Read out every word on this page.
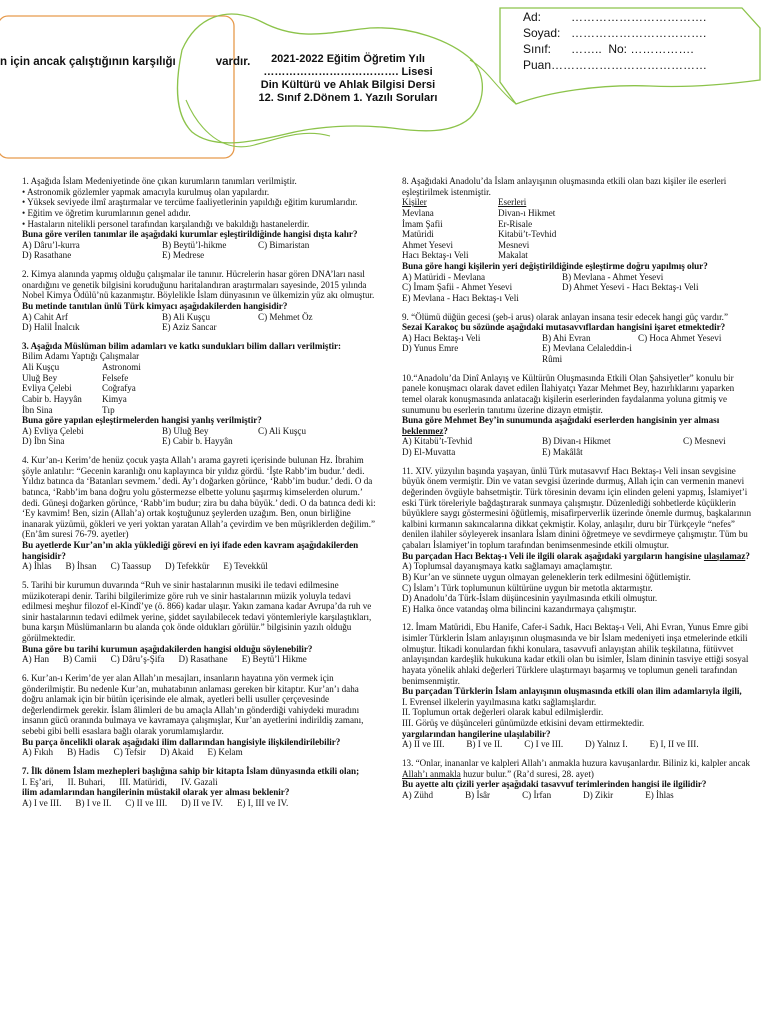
n için ancak çalıştığının karşılığı	vardır.	2021-2022 Eğitim Öğretim Yılı
………………………………. Lisesi
Din Kültürü ve Ahlak Bilgisi Dersi
12. Sınıf 2.Dönem 1. Yazılı Soruları
Ad: …………………………….
Soyad: …………………………….
Sınıf: …….. No: …………….
Puan…………………………………

1. Aşağıda İslam Medeniyetinde öne çıkan kurumların tanımları verilmiştir.

• Astronomik gözlemler yapmak amacıyla kurulmuş olan yapılardır.

• Yüksek seviyede ilmî araştırmalar ve tercüme faaliyetlerinin yapıldığı eğitim kurumlarıdır.

• Eğitim ve öğretim kurumlarının genel adıdır.

• Hastaların nitelikli personel tarafından karşılandığı ve bakıldığı hastanelerdir.

Buna göre verilen tanımlar ile aşağıdaki kurumlar eşleştirildiğinde hangisi dışta kalır?

A) Dâru’l-kurra	B) Beytü’l-hikme	C) Bimaristan
D) Rasathane	E) Medrese

2. Kimya alanında yapmış olduğu çalışmalar ile tanınır. Hücrelerin hasar gören DNA’ları nasıl onardığını ve genetik bilgisini koruduğunu haritalandıran araştırmaları sayesinde, 2015 yılında Nobel Kimya Ödülü’nü kazanmıştır. Böylelikle İslam dünyasının ve ülkemizin yüz akı olmuştur. Bu metinde tanıtılan ünlü Türk kimyacı aşağıdakilerden hangisidir?

A) Cahit Arf	B) Ali Kuşçu	C) Mehmet Öz
D) Halil İnalcık	E) Aziz Sancar

3. Aşağıda Müslüman bilim adamları ve katkı sundukları bilim dalları verilmiştir:

Bilim Adamı Yaptığı Çalışmalar

Ali Kuşçu	Astronomi
Uluğ Bey	Felsefe
Evliya Çelebi	Coğrafya
Cabir b. Hayyân	Kimya
İbn Sina	Tıp

Buna göre yapılan eşleştirmelerden hangisi yanlış verilmiştir?

A) Evliya Çelebi	B) Uluğ Bey	C) Ali Kuşçu
D) İbn Sina	E) Cabir b. Hayyân

4. Kur’an-ı Kerim’de henüz çocuk yaşta Allah’ı arama gayreti içerisinde bulunan Hz. İbrahim şöyle anlatılır: “Gecenin karanlığı onu kaplayınca bir yıldız gördü. ‘İşte Rabb’im budur.’ dedi. Yıldız batınca da ‘Batanları sevmem.’ dedi. Ay’ı doğarken görünce, ‘Rabb’im budur.’ dedi. O da batınca, ‘Rabb’im bana doğru yolu göstermezse elbette yolunu şaşırmış kimselerden olurum.’ dedi. Güneşi doğarken görünce, ‘Rabb’im budur; zira bu daha büyük.’ dedi. O da batınca dedi ki: ‘Ey kavmim! Ben, sizin (Allah’a) ortak koştuğunuz şeylerden uzağım. Ben, onun birliğine inanarak yüzümü, gökleri ve yeri yoktan yaratan Allah’a çevirdim ve ben müşriklerden değilim.” (En’âm suresi 76-79. ayetler)

Bu ayetlerde Kur’an’ın akla yüklediği görevi en iyi ifade eden kavram aşağıdakilerden hangisidir?

A) İhlas B) İhsan C) Taassup D) Tefekkür E) Tevekkül

5. Tarihi bir kurumun duvarında “Ruh ve sinir hastalarının musiki ile tedavi edilmesine müzikoterapi denir. Tarihi bilgilerimize göre ruh ve sinir hastalarının müzik yoluyla tedavi edilmesi meşhur filozof el-Kindî’ye (ö. 866) kadar ulaşır. Yakın zamana kadar Avrupa’da ruh ve sinir hastalarının tedavi edilmek yerine, şiddet sayılabilecek tedavi yöntemleriyle karşılaştıkları, buna karşın Müslümanların bu alanda çok önde oldukları görülür.” bilgisinin yazılı olduğu görülmektedir.

Buna göre bu tarihi kurumun aşağıdakilerden hangisi olduğu söylenebilir?

A) Han B) Camii C) Dâru’ş-Şifa D) Rasathane E) Beytü’l Hikme

6. Kur’an-ı Kerim’de yer alan Allah’ın mesajları, insanların hayatına yön vermek için gönderilmiştir. Bu nedenle Kur’an, muhatabının anlaması gereken bir kitaptır. Kur’an’ı daha doğru anlamak için bir bütün içerisinde ele almak, ayetleri belli usuller çerçevesinde değerlendirmek gerekir. İslam âlimleri de bu amaçla Allah’ın gönderdiği vahiydeki muradını insanın gücü oranında bulmaya ve kavramaya çalışmışlar, Kur’an ayetlerini indirildiş zamanı, sebebi gibi belli esaslara bağlı olarak yorumlamışlardır.

Bu parça öncelikli olarak aşağıdaki ilim dallarından hangisiyle ilişkilendirilebilir?

A) Fıkıh B) Hadis C) Tefsir D) Akaid E) Kelam

7. İlk dönem İslam mezhepleri başlığına sahip bir kitapta İslam dünyasında etkili olan;

I. Eş’ari, II. Buhari, III. Matüridi, IV. Gazali

ilim adamlarından hangilerinin müstakil olarak yer alması beklenir?

A) I ve III. B) I ve II. C) II ve III. D) II ve IV. E) I, III ve IV.

8. Aşağıdaki Anadolu’da İslam anlayışının oluşmasında etkili olan bazı kişiler ile eserleri eşleştirilmek istenmiştir.

Kişiler	Eserleri
Mevlana	Divan-ı Hikmet
İmam Şafii	Er-Risale
Matüridi	Kitabü’t-Tevhid
Ahmet Yesevi	Mesnevi
Hacı Bektaş-ı Veli	Makalat

Buna göre hangi kişilerin yeri değiştirildiğinde eşleştirme doğru yapılmış olur?

A) Matüridi - Mevlana	B) Mevlana - Ahmet Yesevi
C) İmam Şafii - Ahmet Yesevi	D) Ahmet Yesevi - Hacı Bektaş-ı Veli
E) Mevlana - Hacı Bektaş-ı Veli

9. “Ölümü düğün gecesi (şeb-i arus) olarak anlayan insana tesir edecek hangi güç vardır.”

Sezai Karakoç bu sözünde aşağıdaki mutasavvıflardan hangisini işaret etmektedir?

A) Hacı Bektaş-ı Veli	B) Ahi Evran	C) Hoca Ahmet Yesevi
D) Yunus Emre	E) Mevlana Celaleddin-i Rûmi

10.“Anadolu’da Dinî Anlayış ve Kültürün Oluşmasında Etkili Olan Şahsiyetler” konulu bir panele konuşmacı olarak davet edilen İlahiyatçı Yazar Mehmet Bey, hazırlıklarını yaparken temel olarak konuşmasında anlatacağı kişilerin eserlerinden faydalanma yoluna gitmiş ve sunumunu bu eserlerin tanıtımı üzerine dizayn etmiştir.

Buna göre Mehmet Bey’in sunumunda aşağıdaki eserlerden hangisinin yer alması beklenmez?

A) Kitabü’t-Tevhid	B) Divan-ı Hikmet	C) Mesnevi
D) El-Muvatta	E) Makâlât

11. XIV. yüzyılın başında yaşayan, ünlü Türk mutasavvıf Hacı Bektaş-ı Veli insan sevgisine büyük önem vermiştir. Din ve vatan sevgisi üzerinde durmuş, Allah için can vermenin manevi değerinden övgüyle bahsetmiştir. Türk töresinin devamı için elinden geleni yapmış, İslamiyet’i eski Türk töreleriyle bağdaştırarak sunmaya çalışmıştır. Düzenlediği sohbetlerde küçüklerin büyüklere saygı göstermesini öğütlemiş, misafirperverlik üzerinde önemle durmuş, başkalarının kalbini kırmanın sakıncalarına dikkat çekmiştir. Kolay, anlaşılır, duru bir Türkçeyle “nefes” denilen ilahiler söyleyerek insanlara İslam dinini öğretmeye ve sevdirmeye çalışmıştır. Tüm bu çabaları İslamiyet’in toplum tarafından benimsenmesinde etkili olmuştur.

Bu parçadan Hacı Bektaş-ı Veli ile ilgili olarak aşağıdaki yargıların hangisine ulaşılamaz?

A) Toplumsal dayanışmaya katkı sağlamayı amaçlamıştır.

B) Kur’an ve sünnete uygun olmayan geleneklerin terk edilmesini öğütlemiştir.

C) İslam’ı Türk toplumunun kültürüne uygun bir metotla aktarmıştır.

D) Anadolu’da Türk-İslam düşüncesinin yayılmasında etkili olmuştur.

E) Halka önce vatandaş olma bilincini kazandırmaya çalışmıştır.

12. İmam Matüridi, Ebu Hanife, Cafer-i Sadık, Hacı Bektaş-ı Veli, Ahi Evran, Yunus Emre gibi isimler Türklerin İslam anlayışının oluşmasında ve bir İslam medeniyeti inşa etmelerinde etkili olmuştur. İtikadi konulardan fıkhi konulara, tasavvufi anlayıştan ahilik teşkilatına, fütüvvet anlayışından kardeşlik hukukuna kadar etkili olan bu isimler, İslam dininin tasviye ettiği sosyal hayata yönelik ahlaki değerleri Türklere ulaştırmayı başarmış ve toplumun geneli tarafından benimsenmiştir.

Bu parçadan Türklerin İslam anlayışının oluşmasında etkili olan ilim adamlarıyla ilgili,

I. Evrensel ilkelerin yayılmasına katkı sağlamışlardır.

II. Toplumun ortak değerleri olarak kabul edilmişlerdir.

III. Görüş ve düşünceleri günümüzde etkisini devam ettirmektedir.

yargılarından hangilerine ulaşılabilir?

A) II ve III. B) I ve II. C) I ve III. D) Yalnız I. E) I, II ve III.

13. “Onlar, inananlar ve kalpleri Allah’ı anmakla huzura kavuşanlardır. Biliniz ki, kalpler ancak Allah’ı anmakla huzur bulur.” (Ra’d suresi, 28. ayet)

Bu ayette altı çizili yerler aşağıdaki tasavvuf terimlerinden hangisi ile ilgilidir?

A) Zühd	B) İsâr	C) İrfan	D) Zikir	E) İhlas
